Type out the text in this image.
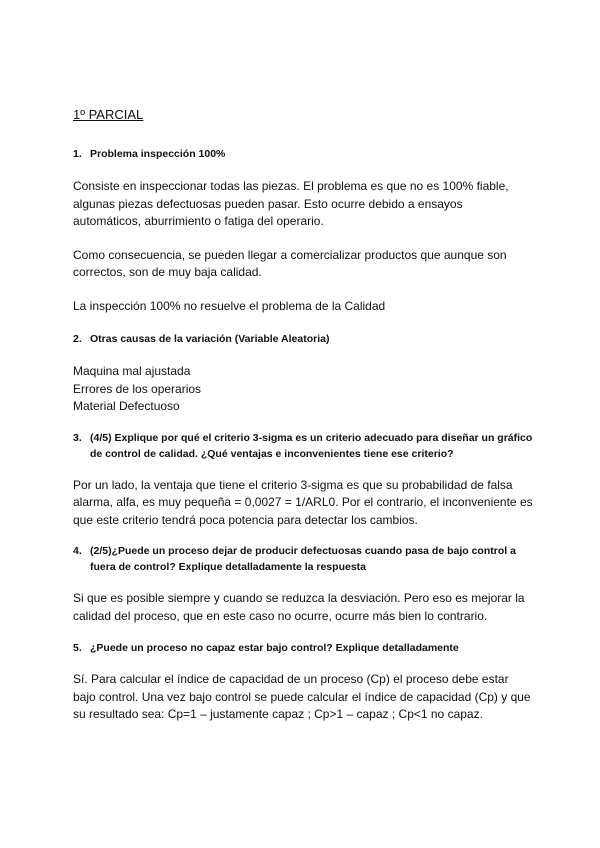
1º PARCIAL
1. Problema inspección 100%

Consiste en inspeccionar todas las piezas. El problema es que no es 100% fiable, algunas piezas defectuosas pueden pasar. Esto ocurre debido a ensayos automáticos, aburrimiento o fatiga del operario.

Como consecuencia, se pueden llegar a comercializar productos que aunque son correctos, son de muy baja calidad.

La inspección 100% no resuelve el problema de la Calidad

2. Otras causas de la variación (Variable Aleatoria)
Maquina mal ajustada
Errores de los operarios
Material Defectuoso
3. (4/5) Explique por qué el criterio 3-sigma es un criterio adecuado para diseñar un gráfico de control de calidad. ¿Qué ventajas e inconvenientes tiene ese criterio?

Por un lado, la ventaja que tiene el criterio 3-sigma es que su probabilidad de falsa alarma, alfa, es muy pequeña = 0,0027 = 1/ARL0. Por el contrario, el inconveniente es que este criterio tendrá poca potencia para detectar los cambios.

4. (2/5)¿Puede un proceso dejar de producir defectuosas cuando pasa de bajo control a fuera de control? Explique detalladamente la respuesta

Si que es posible siempre y cuando se reduzca la desviación. Pero eso es mejorar la calidad del proceso, que en este caso no ocurre, ocurre más bien lo contrario.

5. ¿Puede un proceso no capaz estar bajo control? Explique detalladamente

Sí. Para calcular el índice de capacidad de un proceso (Cp) el proceso debe estar bajo control. Una vez bajo control se puede calcular el índice de capacidad (Cp) y que su resultado sea: Cp=1 – justamente capaz ; Cp>1 – capaz ; Cp<1 no capaz.
